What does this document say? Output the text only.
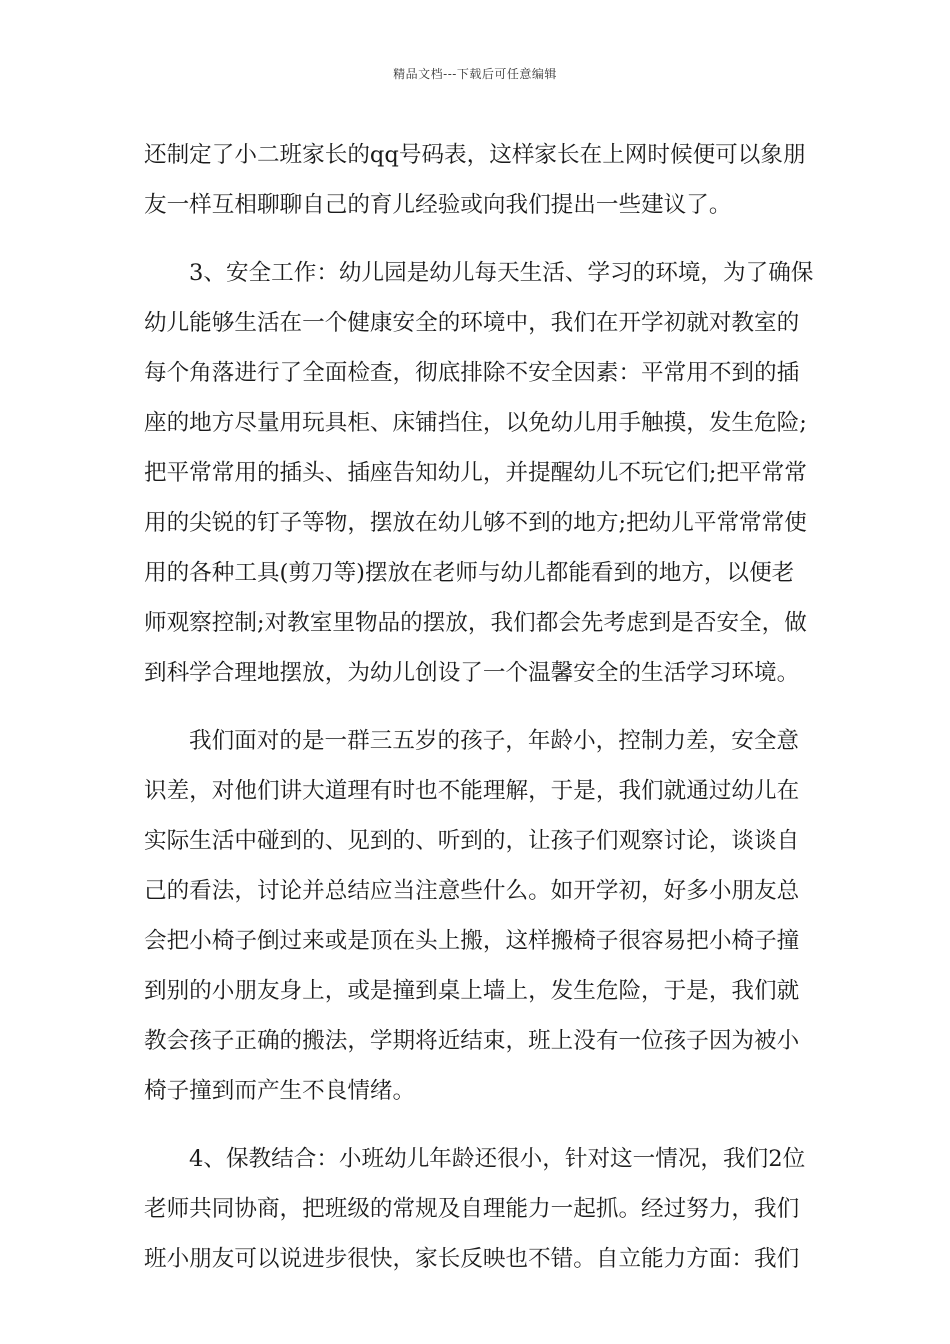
精品文档---下载后可任意编辑
还制定了小二班家长的qq号码表，这样家长在上网时候便可以象朋
友一样互相聊聊自己的育儿经验或向我们提出一些建议了。
3、安全工作：幼儿园是幼儿每天生活、学习的环境，为了确保
幼儿能够生活在一个健康安全的环境中，我们在开学初就对教室的
每个角落进行了全面检查，彻底排除不安全因素：平常用不到的插
座的地方尽量用玩具柜、床铺挡住，以免幼儿用手触摸，发生危险;
把平常常用的插头、插座告知幼儿，并提醒幼儿不玩它们;把平常常
用的尖锐的钉子等物，摆放在幼儿够不到的地方;把幼儿平常常常使
用的各种工具(剪刀等)摆放在老师与幼儿都能看到的地方，以便老
师观察控制;对教室里物品的摆放，我们都会先考虑到是否安全，做
到科学合理地摆放，为幼儿创设了一个温馨安全的生活学习环境。
我们面对的是一群三五岁的孩子，年龄小，控制力差，安全意
识差，对他们讲大道理有时也不能理解，于是，我们就通过幼儿在
实际生活中碰到的、见到的、听到的，让孩子们观察讨论，谈谈自
己的看法，讨论并总结应当注意些什么。如开学初，好多小朋友总
会把小椅子倒过来或是顶在头上搬，这样搬椅子很容易把小椅子撞
到别的小朋友身上，或是撞到桌上墙上，发生危险，于是，我们就
教会孩子正确的搬法，学期将近结束，班上没有一位孩子因为被小
椅子撞到而产生不良情绪。
4、保教结合：小班幼儿年龄还很小，针对这一情况，我们2位
老师共同协商，把班级的常规及自理能力一起抓。经过努力，我们
班小朋友可以说进步很快，家长反映也不错。自立能力方面：我们
